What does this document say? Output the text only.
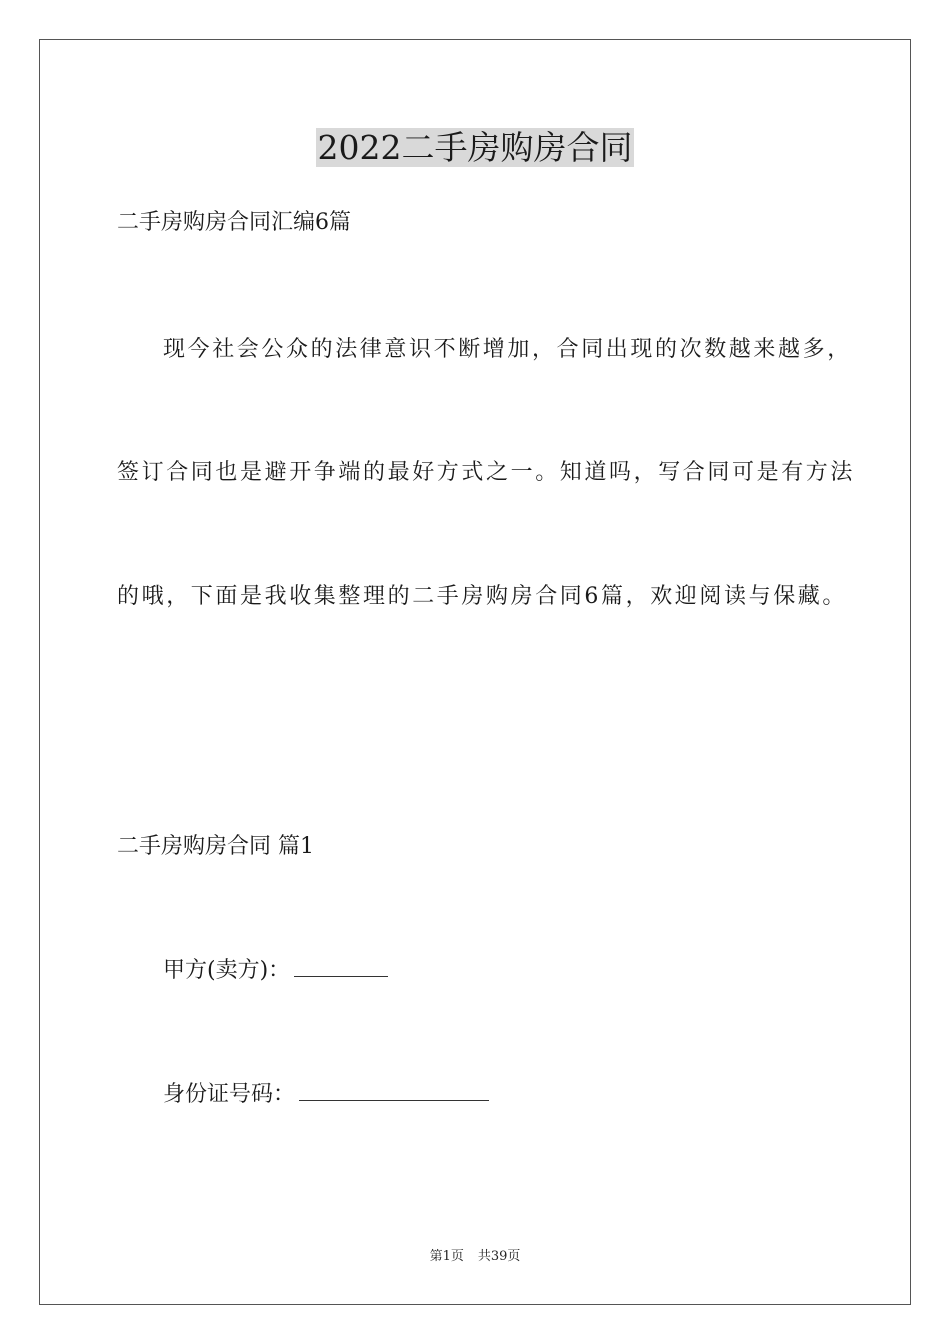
2022二手房购房合同

二手房购房合同汇编6篇

现今社会公众的法律意识不断增加，合同出现的次数越来越多，

签订合同也是避开争端的最好方式之一。知道吗，写合同可是有方法

的哦，下面是我收集整理的二手房购房合同6篇，欢迎阅读与保藏。

二手房购房合同 篇1

甲方(卖方)：

身份证号码：

第1页 共39页
